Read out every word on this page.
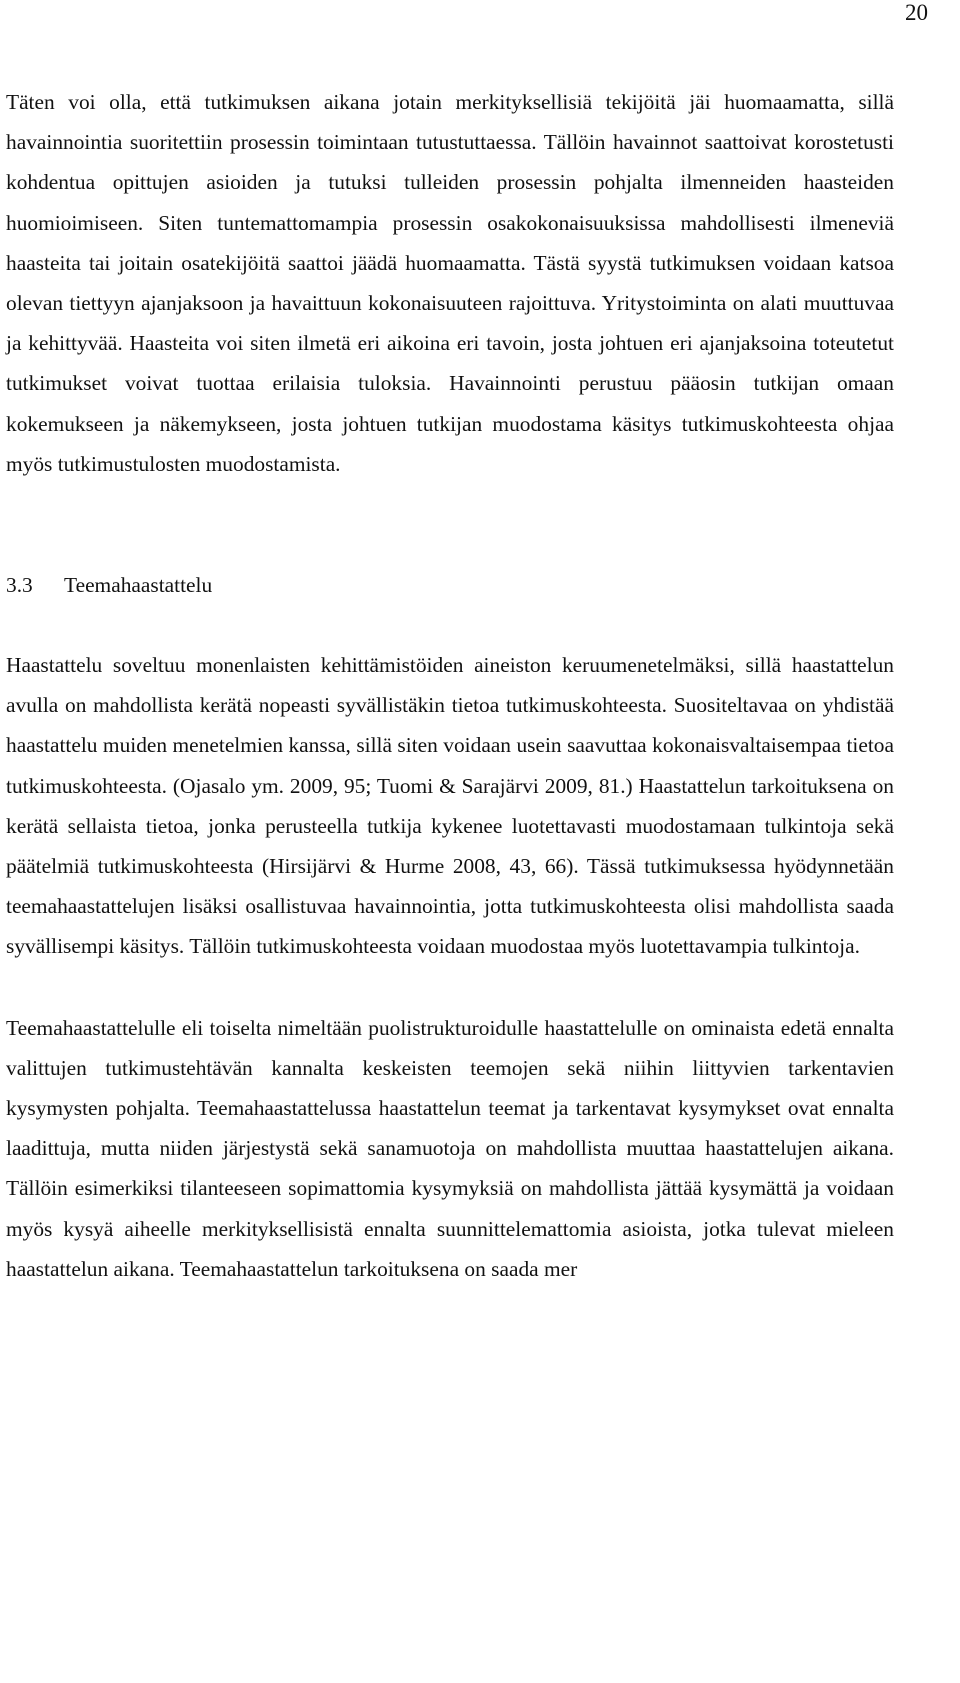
20

Täten voi olla, että tutkimuksen aikana jotain merkityksellisiä tekijöitä jäi huomaamatta, sillä havainnointia suoritettiin prosessin toimintaan tutustuttaessa. Tällöin havainnot saattoivat korostetusti kohdentua opittujen asioiden ja tutuksi tulleiden prosessin pohjalta ilmenneiden haasteiden huomioimiseen. Siten tuntemattomampia prosessin osakokonaisuuksissa mahdollisesti ilmeneviä haasteita tai joitain osatekijöitä saattoi jäädä huomaamatta. Tästä syystä tutkimuksen voidaan katsoa olevan tiettyyn ajanjaksoon ja havaittuun kokonaisuuteen rajoittuva. Yritystoiminta on alati muuttuvaa ja kehittyvää. Haasteita voi siten ilmetä eri aikoina eri tavoin, josta johtuen eri ajanjaksoina toteutetut tutkimukset voivat tuottaa erilaisia tuloksia. Havainnointi perustuu pääosin tutkijan omaan kokemukseen ja näkemykseen, josta johtuen tutkijan muodostama käsitys tutkimuskohteesta ohjaa myös tutkimustulosten muodostamista.

3.3	Teemahaastattelu

Haastattelu soveltuu monenlaisten kehittämistöiden aineiston keruumenetelmäksi, sillä haastattelun avulla on mahdollista kerätä nopeasti syvällistäkin tietoa tutkimuskohteesta. Suositeltavaa on yhdistää haastattelu muiden menetelmien kanssa, sillä siten voidaan usein saavuttaa kokonaisvaltaisempaa tietoa tutkimuskohteesta. (Ojasalo ym. 2009, 95; Tuomi & Sarajärvi 2009, 81.) Haastattelun tarkoituksena on kerätä sellaista tietoa, jonka perusteella tutkija kykenee luotettavasti muodostamaan tulkintoja sekä päätelmiä tutkimuskohteesta (Hirsijärvi & Hurme 2008, 43, 66). Tässä tutkimuksessa hyödynnetään teemahaastattelujen lisäksi osallistuvaa havainnointia, jotta tutkimuskohteesta olisi mahdollista saada syvällisempi käsitys. Tällöin tutkimuskohteesta voidaan muodostaa myös luotettavampia tulkintoja.

Teemahaastattelulle eli toiselta nimeltään puolistrukturoidulle haastattelulle on ominaista edetä ennalta valittujen tutkimustehtävän kannalta keskeisten teemojen sekä niihin liittyvien tarkentavien kysymysten pohjalta. Teemahaastattelussa haastattelun teemat ja tarkentavat kysymykset ovat ennalta laadittuja, mutta niiden järjestystä sekä sanamuotoja on mahdollista muuttaa haastattelujen aikana. Tällöin esimerkiksi tilanteeseen sopimattomia kysymyksiä on mahdollista jättää kysymättä ja voidaan myös kysyä aiheelle merkityksellisistä ennalta suunnittelemattomia asioista, jotka tulevat mieleen haastattelun aikana. Teemahaastattelun tarkoituksena on saada mer
